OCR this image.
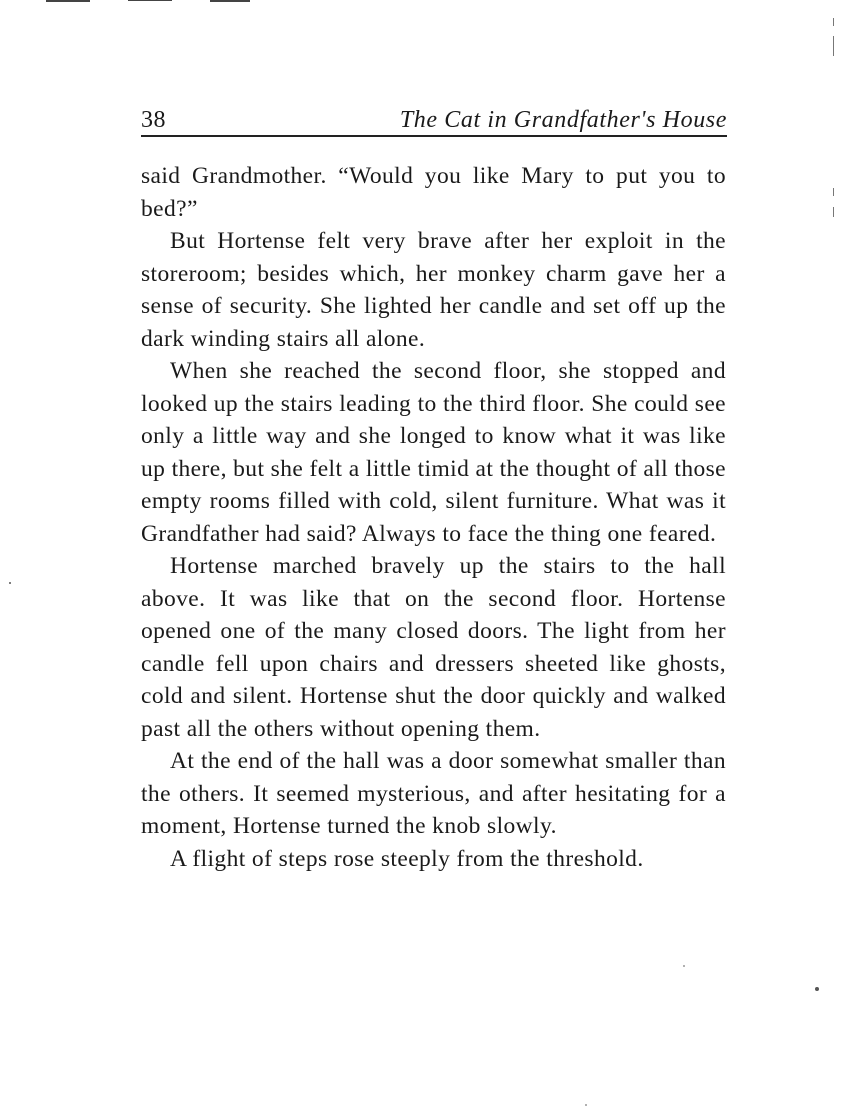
38	The Cat in Grandfather's House

said Grandmother. “Would you like Mary to put you to bed?”

But Hortense felt very brave after her exploit in the storeroom; besides which, her monkey charm gave her a sense of security. She lighted her candle and set off up the dark winding stairs all alone.

When she reached the second floor, she stopped and looked up the stairs leading to the third floor. She could see only a little way and she longed to know what it was like up there, but she felt a little timid at the thought of all those empty rooms filled with cold, silent furniture. What was it Grandfather had said? Always to face the thing one feared.

Hortense marched bravely up the stairs to the hall above. It was like that on the second floor. Hortense opened one of the many closed doors. The light from her candle fell upon chairs and dressers sheeted like ghosts, cold and silent. Hortense shut the door quickly and walked past all the others without opening them.

At the end of the hall was a door somewhat smaller than the others. It seemed mysterious, and after hesitating for a moment, Hortense turned the knob slowly.

A flight of steps rose steeply from the threshold.
